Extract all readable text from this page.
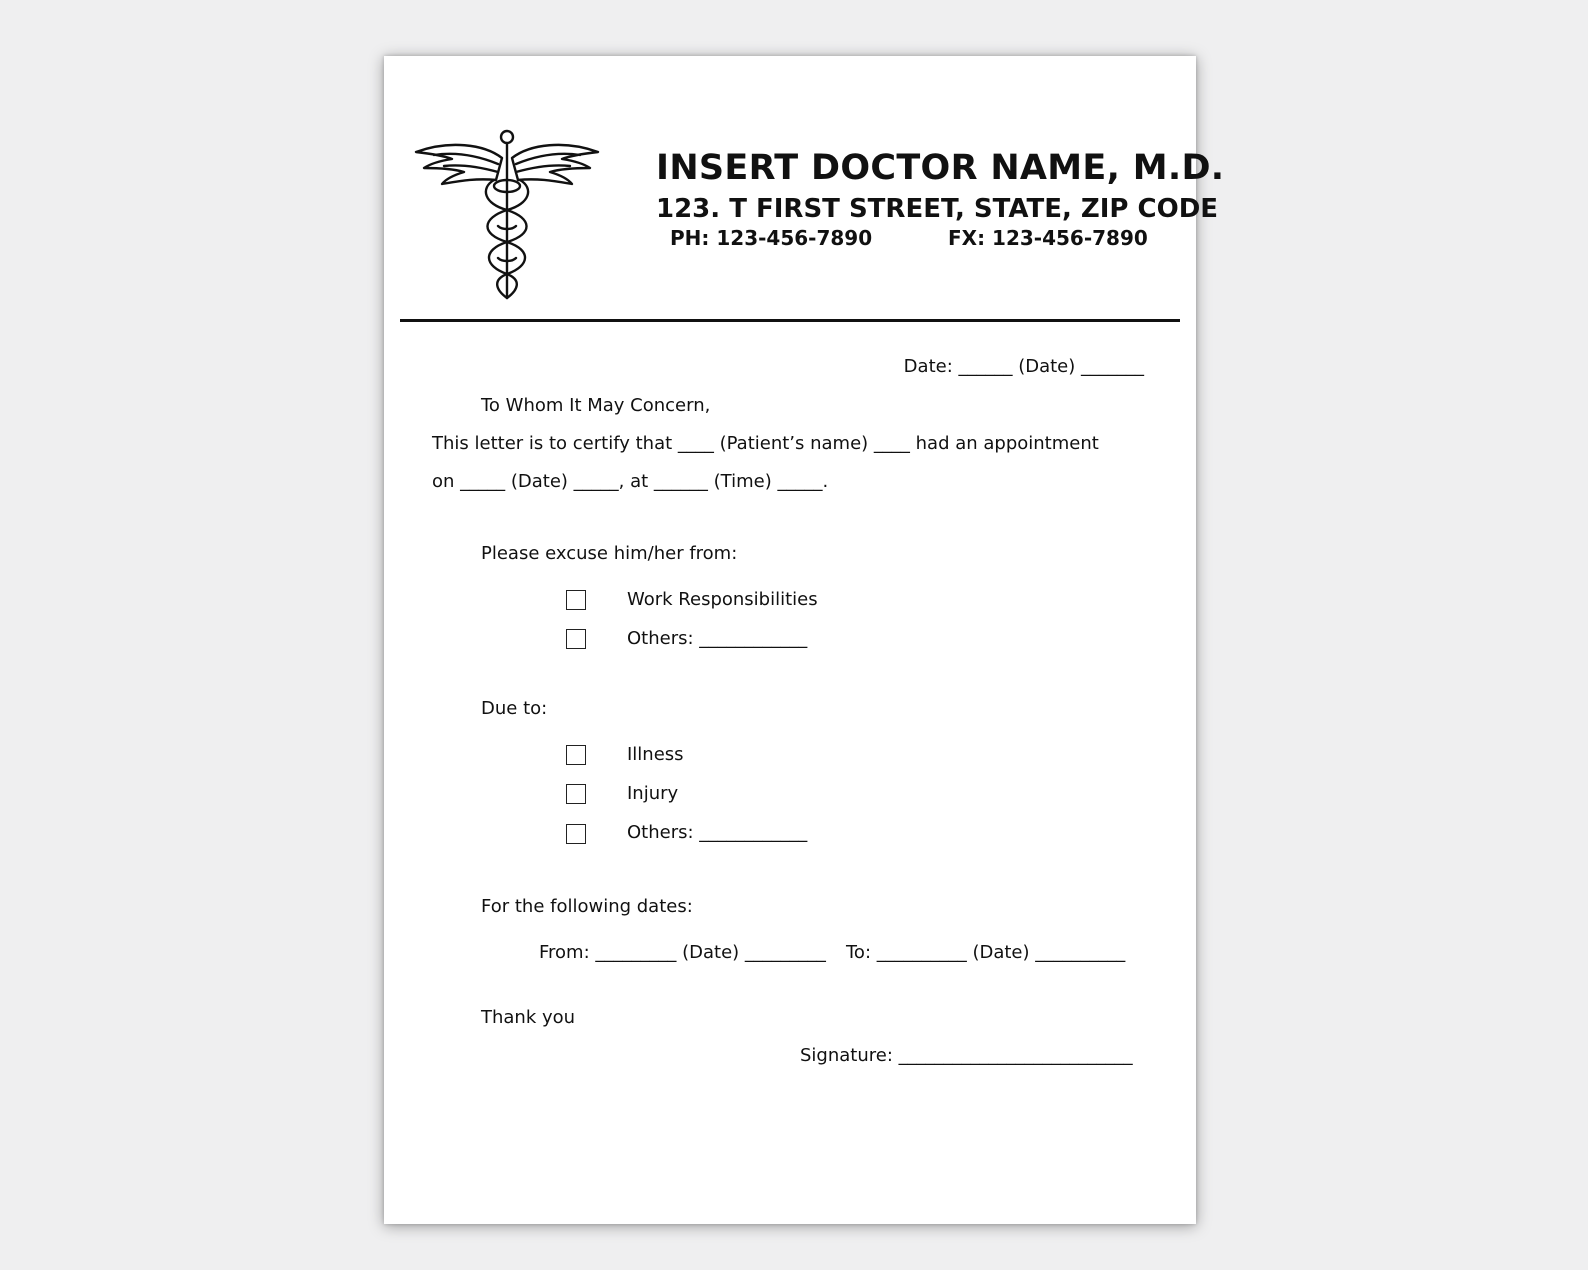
INSERT DOCTOR NAME, M.D.
123. T FIRST STREET, STATE, ZIP CODE
PH: 123-456-7890	FX: 123-456-7890
Date: ______ (Date) _______
To Whom It May Concern,
This letter is to certify that ____ (Patient’s name) ____ had an appointment
on _____ (Date) _____, at ______ (Time) _____.
Please excuse him/her from:
Work Responsibilities
Others: ____________
Due to:
Illness
Injury
Others: ____________
For the following dates:
From: _________ (Date) _________ To: __________ (Date) __________
Thank you
Signature: __________________________
